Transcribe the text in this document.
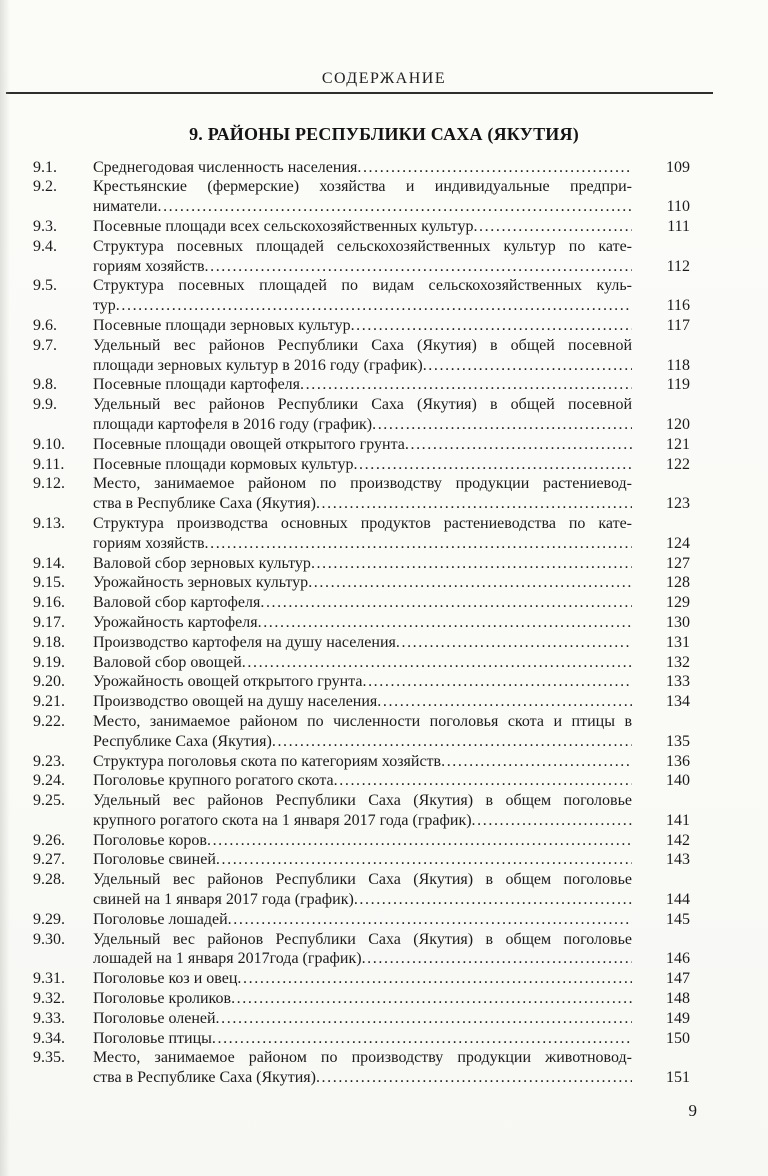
СОДЕРЖАНИЕ
9. РАЙОНЫ РЕСПУБЛИКИ САХА (ЯКУТИЯ)
9.1.	Среднегодовая численность населения .....	109
9.2.	Крестьянские (фермерские) хозяйства и индивидуальные предпри-
ниматели .....	110
9.3.	Посевные площади всех сельскохозяйственных культур .....	111
9.4.	Структура посевных площадей сельскохозяйственных культур по кате-
гориям хозяйств .....	112
9.5.	Структура посевных площадей по видам сельскохозяйственных куль-
тур .....	116
9.6.	Посевные площади зерновых культур .....	117
9.7.	Удельный вес районов Республики Саха (Якутия) в общей посевной
площади зерновых культур в 2016 году (график) .....	118
9.8.	Посевные площади картофеля .....	119
9.9.	Удельный вес районов Республики Саха (Якутия) в общей посевной
площади картофеля в 2016 году (график) .....	120
9.10.	Посевные площади овощей открытого грунта .....	121
9.11.	Посевные площади кормовых культур .....	122
9.12.	Место, занимаемое районом по производству продукции растениевод-
ства в Республике Саха (Якутия) .....	123
9.13.	Структура производства основных продуктов растениеводства по кате-
гориям хозяйств .....	124
9.14.	Валовой сбор зерновых культур .....	127
9.15.	Урожайность зерновых культур .....	128
9.16.	Валовой сбор картофеля .....	129
9.17.	Урожайность картофеля .....	130
9.18.	Производство картофеля на душу населения .....	131
9.19.	Валовой сбор овощей .....	132
9.20.	Урожайность овощей открытого грунта .....	133
9.21.	Производство овощей на душу населения .....	134
9.22.	Место, занимаемое районом по численности поголовья скота и птицы в
Республике Саха (Якутия) .....	135
9.23.	Структура поголовья скота по категориям хозяйств .....	136
9.24.	Поголовье крупного рогатого скота .....	140
9.25.	Удельный вес районов Республики Саха (Якутия) в общем поголовье
крупного рогатого скота на 1 января 2017 года (график) .....	141
9.26.	Поголовье коров .....	142
9.27.	Поголовье свиней .....	143
9.28.	Удельный вес районов Республики Саха (Якутия) в общем поголовье
свиней на 1 января 2017 года (график) .....	144
9.29.	Поголовье лошадей .....	145
9.30.	Удельный вес районов Республики Саха (Якутия) в общем поголовье
лошадей на 1 января 2017года (график) .....	146
9.31.	Поголовье коз и овец .....	147
9.32.	Поголовье кроликов .....	148
9.33.	Поголовье оленей .....	149
9.34.	Поголовье птицы .....	150
9.35.	Место, занимаемое районом по производству продукции животновод-
ства в Республике Саха (Якутия) .....	151
9
